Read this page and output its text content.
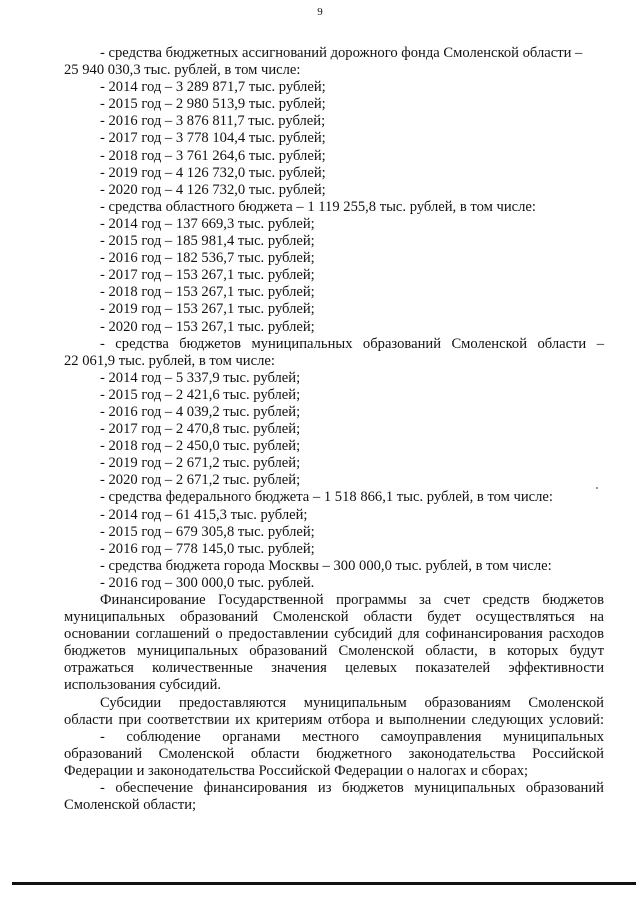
9
- средства бюджетных ассигнований дорожного фонда Смоленской области –
25 940 030,3 тыс. рублей, в том числе:
- 2014 год – 3 289 871,7 тыс. рублей;
- 2015 год – 2 980 513,9 тыс. рублей;
- 2016 год – 3 876 811,7 тыс. рублей;
- 2017 год – 3 778 104,4 тыс. рублей;
- 2018 год – 3 761 264,6 тыс. рублей;
- 2019 год – 4 126 732,0 тыс. рублей;
- 2020 год – 4 126 732,0 тыс. рублей;
- средства областного бюджета – 1 119 255,8 тыс. рублей, в том числе:
- 2014 год – 137 669,3 тыс. рублей;
- 2015 год – 185 981,4 тыс. рублей;
- 2016 год – 182 536,7 тыс. рублей;
- 2017 год – 153 267,1 тыс. рублей;
- 2018 год – 153 267,1 тыс. рублей;
- 2019 год – 153 267,1 тыс. рублей;
- 2020 год – 153 267,1 тыс. рублей;
- средства бюджетов муниципальных образований Смоленской области –
22 061,9 тыс. рублей, в том числе:
- 2014 год – 5 337,9 тыс. рублей;
- 2015 год – 2 421,6 тыс. рублей;
- 2016 год – 4 039,2 тыс. рублей;
- 2017 год – 2 470,8 тыс. рублей;
- 2018 год – 2 450,0 тыс. рублей;
- 2019 год – 2 671,2 тыс. рублей;
- 2020 год – 2 671,2 тыс. рублей;
- средства федерального бюджета – 1 518 866,1 тыс. рублей, в том числе:
- 2014 год – 61 415,3 тыс. рублей;
- 2015 год – 679 305,8 тыс. рублей;
- 2016 год – 778 145,0 тыс. рублей;
- средства бюджета города Москвы – 300 000,0 тыс. рублей, в том числе:
- 2016 год – 300 000,0 тыс. рублей.
Финансирование Государственной программы за счет средств бюджетов
муниципальных образований Смоленской области будет осуществляться на
основании соглашений о предоставлении субсидий для софинансирования расходов
бюджетов муниципальных образований Смоленской области, в которых будут
отражаться количественные значения целевых показателей эффективности
использования субсидий.
Субсидии предоставляются муниципальным образованиям Смоленской
области при соответствии их критериям отбора и выполнении следующих условий:
- соблюдение органами местного самоуправления муниципальных
образований Смоленской области бюджетного законодательства Российской
Федерации и законодательства Российской Федерации о налогах и сборах;
- обеспечение финансирования из бюджетов муниципальных образований
Смоленской области;
